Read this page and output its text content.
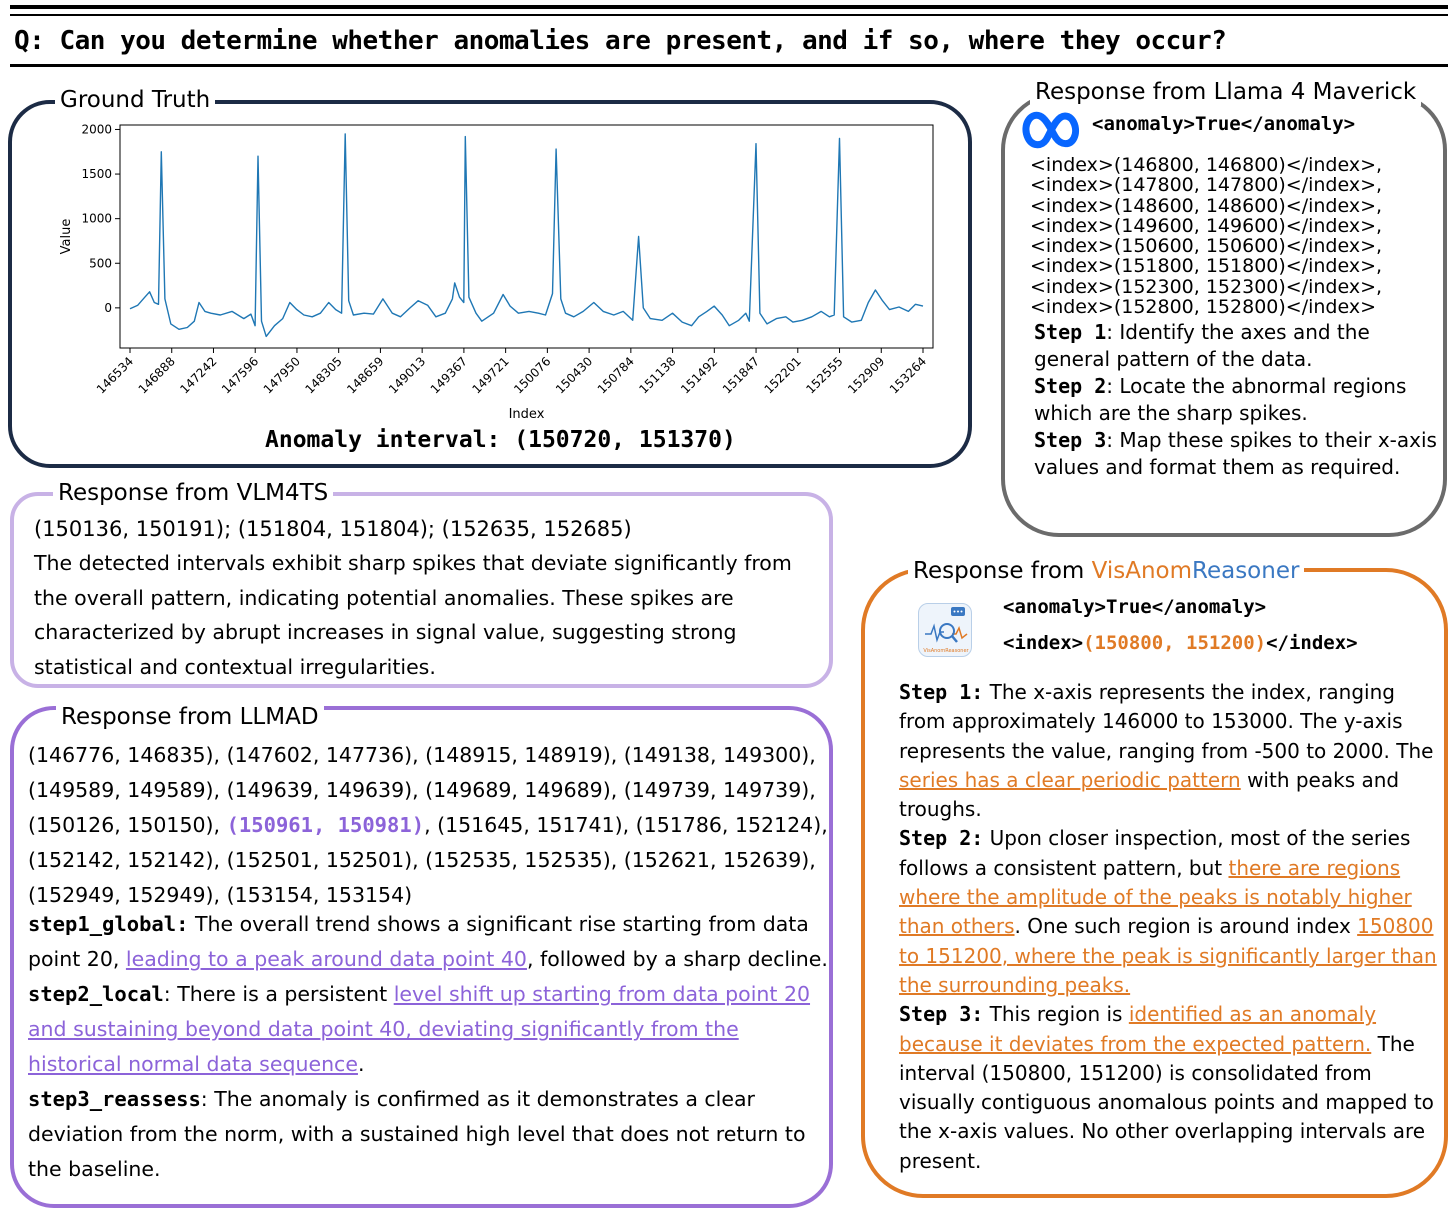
Q: Can you determine whether anomalies are present, and if so, where they occur?
Ground Truth
0
500
1000
1500
2000
146534 146888 147242 147596 147950 148305 148659 149013 149367 149721 150076 150430 150784 151138 151492 151847 152201 152555 152909 153264
Index
Value
Anomaly interval: (150720, 151370)
Response from VLM4TS
(150136, 150191); (151804, 151804); (152635, 152685)
The detected intervals exhibit sharp spikes that deviate significantly from the overall pattern, indicating potential anomalies. These spikes are characterized by abrupt increases in signal value, suggesting strong statistical and contextual irregularities.
Response from LLMAD
(146776, 146835), (147602, 147736), (148915, 148919), (149138, 149300), (149589, 149589), (149639, 149639), (149689, 149689), (149739, 149739), (150126, 150150), (150961, 150981), (151645, 151741), (151786, 152124), (152142, 152142), (152501, 152501), (152535, 152535), (152621, 152639), (152949, 152949), (153154, 153154)
step1_global: The overall trend shows a significant rise starting from data point 20, leading to a peak around data point 40, followed by a sharp decline.
step2_local: There is a persistent level shift up starting from data point 20 and sustaining beyond data point 40, deviating significantly from the historical normal data sequence.
step3_reassess: The anomaly is confirmed as it demonstrates a clear deviation from the norm, with a sustained high level that does not return to the baseline.
Response from Llama 4 Maverick
<anomaly>True</anomaly>
<index>(146800, 146800)</index>,
<index>(147800, 147800)</index>,
<index>(148600, 148600)</index>,
<index>(149600, 149600)</index>,
<index>(150600, 150600)</index>,
<index>(151800, 151800)</index>,
<index>(152300, 152300)</index>,
<index>(152800, 152800)</index>
Step 1: Identify the axes and the general pattern of the data.
Step 2: Locate the abnormal regions which are the sharp spikes.
Step 3: Map these spikes to their x-axis values and format them as required.
Response from VisAnomReasoner
VisAnomReasoner
<anomaly>True</anomaly>
<index>(150800, 151200)</index>
Step 1: The x-axis represents the index, ranging from approximately 146000 to 153000. The y-axis represents the value, ranging from -500 to 2000. The series has a clear periodic pattern with peaks and troughs.
Step 2: Upon closer inspection, most of the series follows a consistent pattern, but there are regions where the amplitude of the peaks is notably higher than others. One such region is around index 150800 to 151200, where the peak is significantly larger than the surrounding peaks.
Step 3: This region is identified as an anomaly because it deviates from the expected pattern. The interval (150800, 151200) is consolidated from visually contiguous anomalous points and mapped to the x-axis values. No other overlapping intervals are present.
